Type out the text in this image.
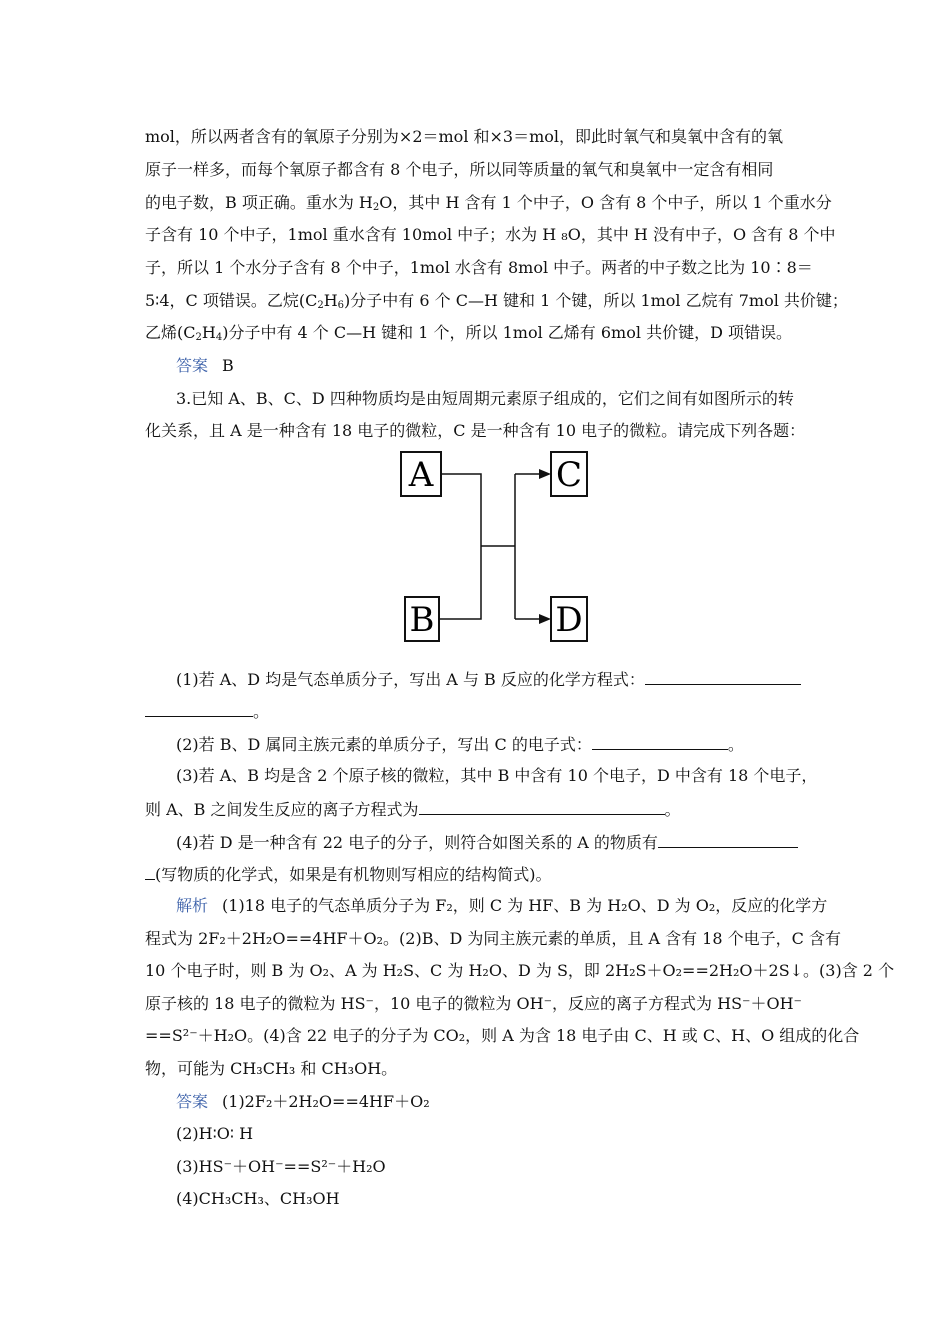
mol，所以两者含有的氧原子分别为×2＝mol 和×3＝mol，即此时氧气和臭氧中含有的氧
原子一样多，而每个氧原子都含有 8 个电子，所以同等质量的氧气和臭氧中一定含有相同
的电子数，B 项正确。重水为 $H_2O$，其中 H 含有 1 个中子，O 含有 8 个中子，所以 1 个重水分
子含有 10 个中子，1mol 重水含有 10mol 中子；水为 H ₈O，其中 H 没有中子，O 含有 8 个中
子，所以 1 个水分子含有 8 个中子，1mol 水含有 8mol 中子。两者的中子数之比为 10∶8＝
5∶4，C 项错误。乙烷$(C_2H_6)$分子中有 6 个 C—H 键和 1 个键，所以 1mol 乙烷有 7mol 共价键；
乙烯$(C_2H_4)$分子中有 4 个 C—H 键和 1 个，所以 1mol 乙烯有 6mol 共价键，D 项错误。
答案 B
3.已知 A、B、C、D 四种物质均是由短周期元素原子组成的，它们之间有如图所示的转
化关系，且 A 是一种含有 18 电子的微粒，C 是一种含有 10 电子的微粒。请完成下列各题：
A
B
C
D
(1)若 A、D 均是气态单质分子，写出 A 与 B 反应的化学方程式：
。
(2)若 B、D 属同主族元素的单质分子，写出 C 的电子式：	。
(3)若 A、B 均是含 2 个原子核的微粒，其中 B 中含有 10 个电子，D 中含有 18 个电子，
则 A、B 之间发生反应的离子方程式为	。
(4)若 D 是一种含有 22 电子的分子，则符合如图关系的 A 的物质有
(写物质的化学式，如果是有机物则写相应的结构简式)。
解析 (1)18 电子的气态单质分子为 F₂，则 C 为 HF、B 为 H₂O、D 为 O₂，反应的化学方
程式为 2F₂＋2H₂O==4HF＋O₂。(2)B、D 为同主族元素的单质，且 A 含有 18 个电子，C 含有
10 个电子时，则 B 为 O₂、A 为 H₂S、C 为 H₂O、D 为 S，即 2H₂S＋O₂==2H₂O＋2S↓。(3)含 2 个
原子核的 18 电子的微粒为 HS⁻，10 电子的微粒为 OH⁻，反应的离子方程式为 HS⁻＋OH⁻
==S²⁻＋H₂O。(4)含 22 电子的分子为 CO₂，则 A 为含 18 电子由 C、H 或 C、H、O 组成的化合
物，可能为 CH₃CH₃ 和 CH₃OH。
答案 (1)2F₂＋2H₂O==4HF＋O₂
(2)H∶O∶ H
(3)HS⁻＋OH⁻==S²⁻＋H₂O
(4)CH₃CH₃、CH₃OH
